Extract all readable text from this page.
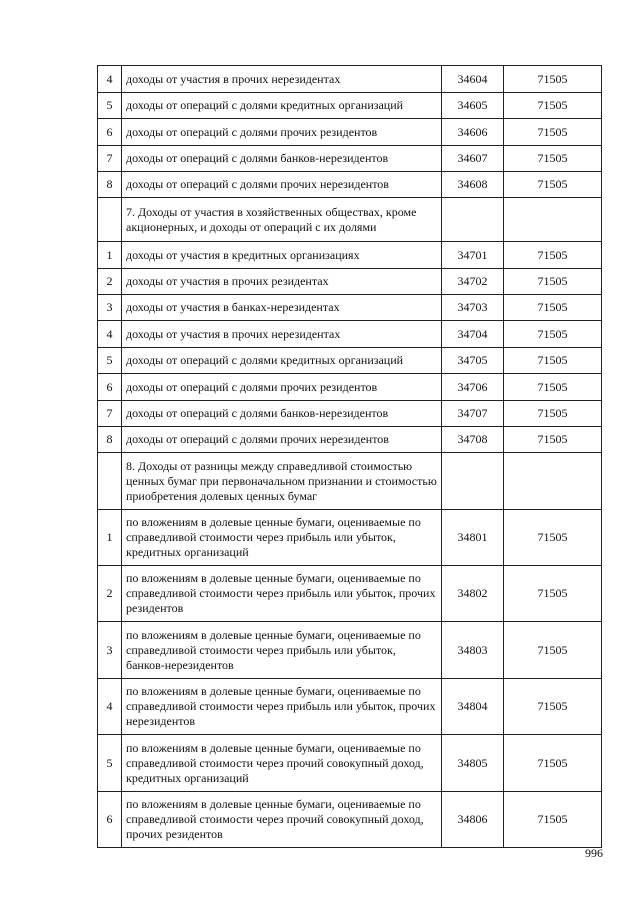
4	доходы от участия в прочих нерезидентах	34604	71505
5	доходы от операций с долями кредитных организаций	34605	71505
6	доходы от операций с долями прочих резидентов	34606	71505
7	доходы от операций с долями банков-нерезидентов	34607	71505
8	доходы от операций с долями прочих нерезидентов	34608	71505
	7. Доходы от участия в хозяйственных обществах, кроме акционерных, и доходы от операций с их долями		
1	доходы от участия в кредитных организациях	34701	71505
2	доходы от участия в прочих резидентах	34702	71505
3	доходы от участия в банках-нерезидентах	34703	71505
4	доходы от участия в прочих нерезидентах	34704	71505
5	доходы от операций с долями кредитных организаций	34705	71505
6	доходы от операций с долями прочих резидентов	34706	71505
7	доходы от операций с долями банков-нерезидентов	34707	71505
8	доходы от операций с долями прочих нерезидентов	34708	71505
	8. Доходы от разницы между справедливой стоимостью ценных бумаг при первоначальном признании и стоимостью приобретения долевых ценных бумаг		
1	по вложениям в долевые ценные бумаги, оцениваемые по справедливой стоимости через прибыль или убыток, кредитных организаций	34801	71505
2	по вложениям в долевые ценные бумаги, оцениваемые по справедливой стоимости через прибыль или убыток, прочих резидентов	34802	71505
3	по вложениям в долевые ценные бумаги, оцениваемые по справедливой стоимости через прибыль или убыток, банков-нерезидентов	34803	71505
4	по вложениям в долевые ценные бумаги, оцениваемые по справедливой стоимости через прибыль или убыток, прочих нерезидентов	34804	71505
5	по вложениям в долевые ценные бумаги, оцениваемые по справедливой стоимости через прочий совокупный доход, кредитных организаций	34805	71505
6	по вложениям в долевые ценные бумаги, оцениваемые по справедливой стоимости через прочий совокупный доход, прочих резидентов	34806	71505
996
